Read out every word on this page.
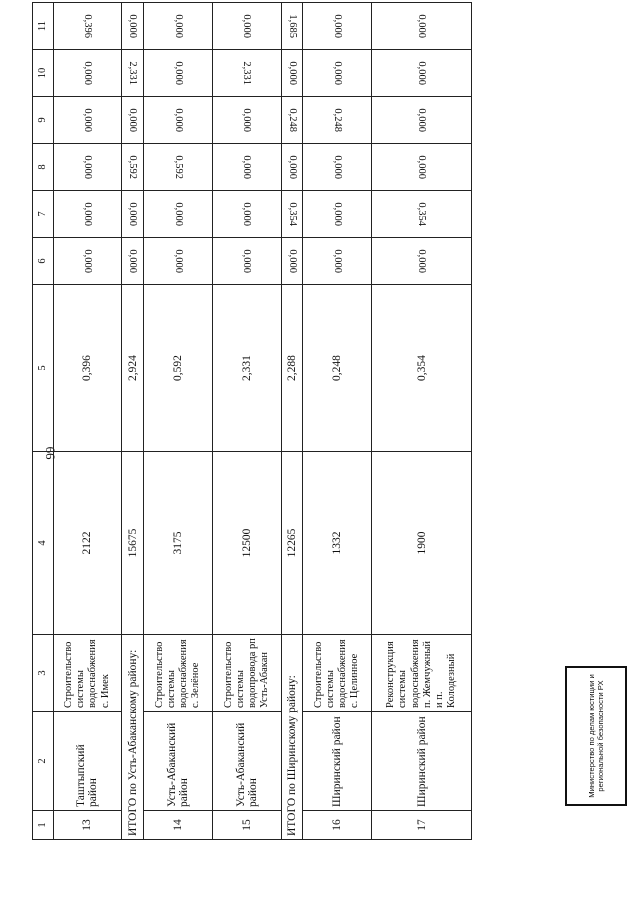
66
1	2	3	4	5	6	7	8	9	10	11
13	Таштыпский район	Строительство системы водоснабжения с. Имек	2122	0,396	0,000	0,000	0,000	0,000	0,000	0,396
ИТОГО по Усть-Абаканскому району:			15675	2,924	0,000	0,000	0,592	0,000	2,331	0,000
14	Усть-Абаканский район	Строительство системы водоснабжения с. Зелёное	3175	0,592	0,000	0,000	0,592	0,000	0,000	0,000
15	Усть-Абаканский район	Строительство системы водопровода рп Усть-Абакан	12500	2,331	0,000	0,000	0,000	0,000	2,331	0,000
ИТОГО по Ширинскому району:			12265	2,288	0,000	0,354	0,000	0,248	0,000	1,685
16	Ширинский район	Строительство системы водоснабжения с. Целинное	1332	0,248	0,000	0,000	0,000	0,248	0,000	0,000
17	Ширинский район	Реконструкция системы водоснабжения п. Жемчужный и п. Колодезный	1900	0,354	0,000	0,354	0,000	0,000	0,000	0,000
Министерство по делам юстиции и региональной безопасности РХ
